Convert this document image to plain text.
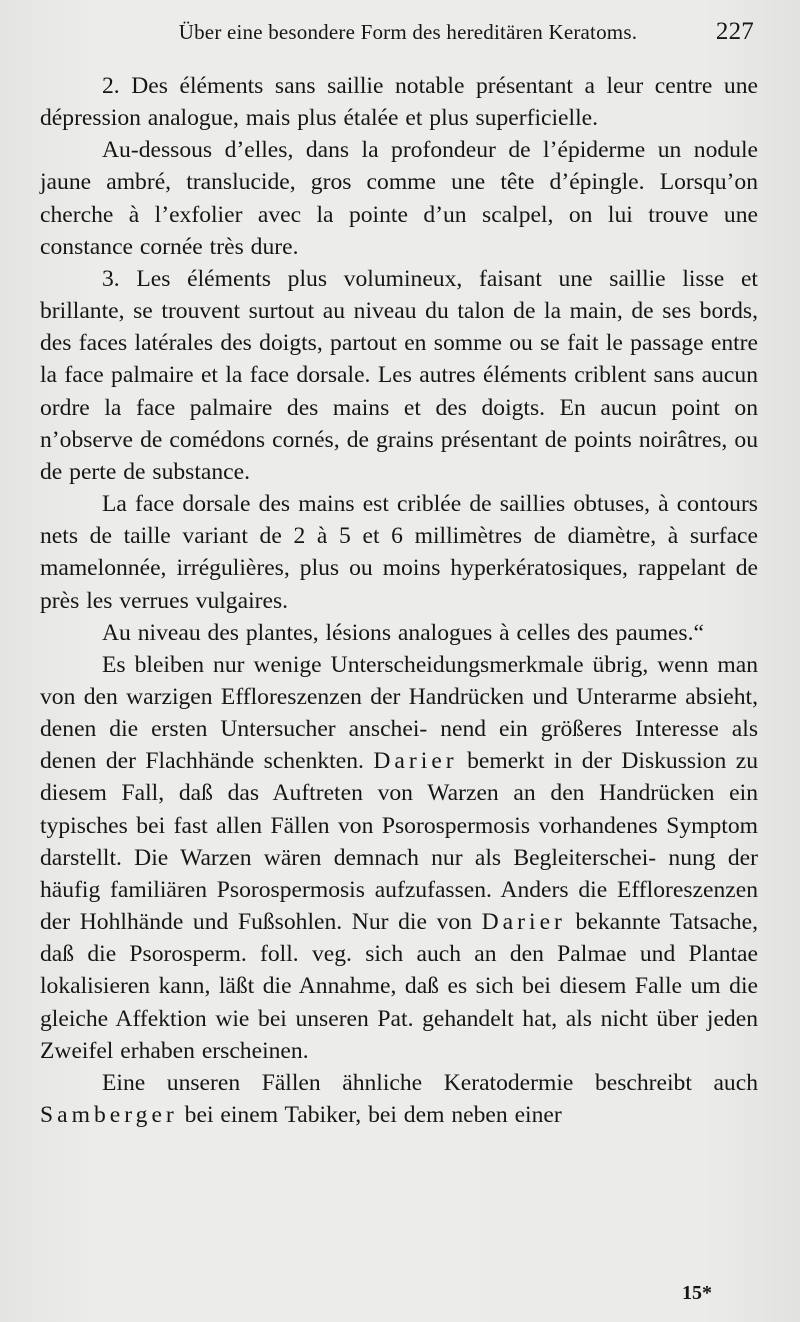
Über eine besondere Form des hereditären Keratoms.	227

2. Des éléments sans saillie notable présentant a leur centre une dépression analogue, mais plus étalée et plus superficielle.

Au-dessous d’elles, dans la profondeur de l’épiderme un nodule jaune ambré, translucide, gros comme une tête d’épingle. Lorsqu’on cherche à l’exfolier avec la pointe d’un scalpel, on lui trouve une constance cornée très dure.

3. Les éléments plus volumineux, faisant une saillie lisse et brillante, se trouvent surtout au niveau du talon de la main, de ses bords, des faces latérales des doigts, partout en somme ou se fait le passage entre la face palmaire et la face dorsale. Les autres éléments criblent sans aucun ordre la face palmaire des mains et des doigts. En aucun point on n’observe de comédons cornés, de grains présentant de points noirâtres, ou de perte de substance.

La face dorsale des mains est criblée de saillies obtuses, à contours nets de taille variant de 2 à 5 et 6 millimètres de diamètre, à surface mamelonnée, irrégulières, plus ou moins hyperkératosiques, rappelant de près les verrues vulgaires.

Au niveau des plantes, lésions analogues à celles des paumes.“

Es bleiben nur wenige Unterscheidungsmerkmale übrig, wenn man von den warzigen Effloreszenzen der Handrücken und Unterarme absieht, denen die ersten Untersucher anschei- nend ein größeres Interesse als denen der Flachhände schenkten. Darier bemerkt in der Diskussion zu diesem Fall, daß das Auftreten von Warzen an den Handrücken ein typisches bei fast allen Fällen von Psorospermosis vorhandenes Symptom darstellt. Die Warzen wären demnach nur als Begleiterschei- nung der häufig familiären Psorospermosis aufzufassen. Anders die Effloreszenzen der Hohlhände und Fußsohlen. Nur die von Darier bekannte Tatsache, daß die Psorosperm. foll. veg. sich auch an den Palmae und Plantae lokalisieren kann, läßt die Annahme, daß es sich bei diesem Falle um die gleiche Affektion wie bei unseren Pat. gehandelt hat, als nicht über jeden Zweifel erhaben erscheinen.

Eine unseren Fällen ähnliche Keratodermie beschreibt auch Samberger bei einem Tabiker, bei dem neben einer

15*
